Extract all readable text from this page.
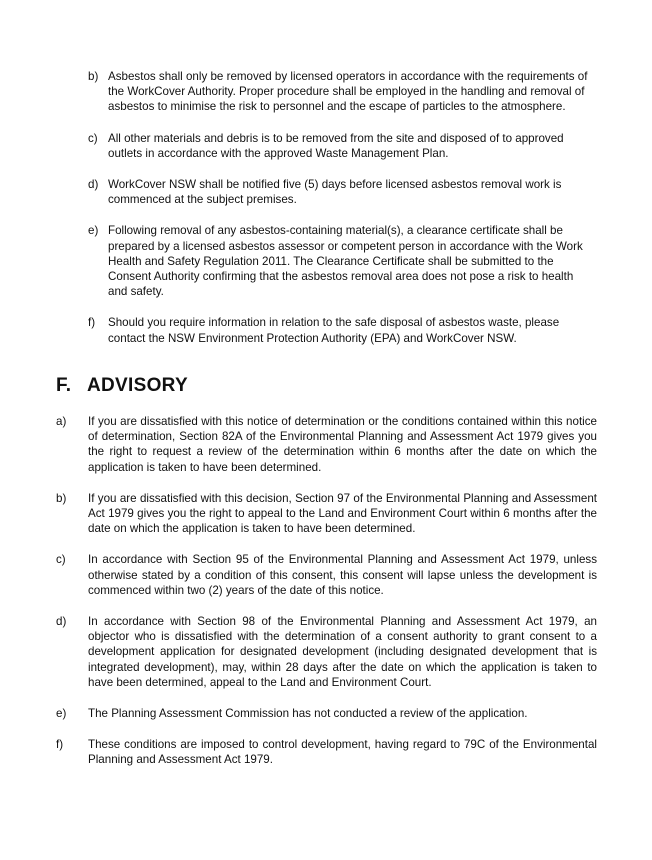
b) Asbestos shall only be removed by licensed operators in accordance with the requirements of the WorkCover Authority. Proper procedure shall be employed in the handling and removal of asbestos to minimise the risk to personnel and the escape of particles to the atmosphere.
c) All other materials and debris is to be removed from the site and disposed of to approved outlets in accordance with the approved Waste Management Plan.
d) WorkCover NSW shall be notified five (5) days before licensed asbestos removal work is commenced at the subject premises.
e) Following removal of any asbestos-containing material(s), a clearance certificate shall be prepared by a licensed asbestos assessor or competent person in accordance with the Work Health and Safety Regulation 2011. The Clearance Certificate shall be submitted to the Consent Authority confirming that the asbestos removal area does not pose a risk to health and safety.
f)	Should you require information in relation to the safe disposal of asbestos waste, please contact the NSW Environment Protection Authority (EPA) and WorkCover NSW.
F. ADVISORY
a)	If you are dissatisfied with this notice of determination or the conditions contained within this notice of determination, Section 82A of the Environmental Planning and Assessment Act 1979 gives you the right to request a review of the determination within 6 months after the date on which the application is taken to have been determined.
b)	If you are dissatisfied with this decision, Section 97 of the Environmental Planning and Assessment Act 1979 gives you the right to appeal to the Land and Environment Court within 6 months after the date on which the application is taken to have been determined.
c)	In accordance with Section 95 of the Environmental Planning and Assessment Act 1979, unless otherwise stated by a condition of this consent, this consent will lapse unless the development is commenced within two (2) years of the date of this notice.
d)	In accordance with Section 98 of the Environmental Planning and Assessment Act 1979, an objector who is dissatisfied with the determination of a consent authority to grant consent to a development application for designated development (including designated development that is integrated development), may, within 28 days after the date on which the application is taken to have been determined, appeal to the Land and Environment Court.
e)	The Planning Assessment Commission has not conducted a review of the application.
f)	These conditions are imposed to control development, having regard to 79C of the Environmental Planning and Assessment Act 1979.
